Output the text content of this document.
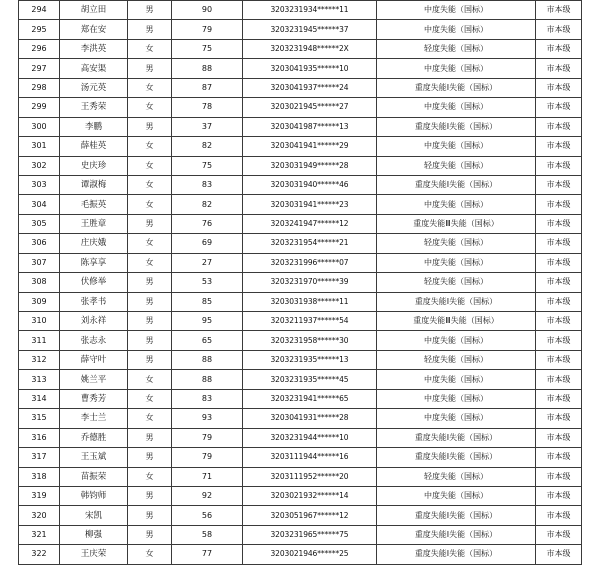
294	胡立田	男	90	3203231934******11	中度失能（国标）	市本级
295	郑在安	男	79	3203231945******37	中度失能（国标）	市本级
296	李洪英	女	75	3203231948******2X	轻度失能（国标）	市本级
297	高安渠	男	88	3203041935******10	中度失能（国标）	市本级
298	汤元英	女	87	3203041937******24	重度失能Ⅰ失能（国标）	市本级
299	王秀荣	女	78	3203021945******27	中度失能（国标）	市本级
300	李鹏	男	37	3203041987******13	重度失能Ⅰ失能（国标）	市本级
301	薛桂英	女	82	3203041941******29	中度失能（国标）	市本级
302	史庆珍	女	75	3203031949******28	轻度失能（国标）	市本级
303	谭淑梅	女	83	3203031940******46	重度失能Ⅰ失能（国标）	市本级
304	毛振英	女	82	3203031941******23	中度失能（国标）	市本级
305	王胜章	男	76	3203241947******12	重度失能Ⅲ失能（国标）	市本级
306	庄庆娥	女	69	3203231954******21	轻度失能（国标）	市本级
307	陈享享	女	27	3203231996******07	中度失能（国标）	市本级
308	伏修举	男	53	3203231970******39	轻度失能（国标）	市本级
309	张孝书	男	85	3203031938******11	重度失能Ⅰ失能（国标）	市本级
310	刘永祥	男	95	3203211937******54	重度失能Ⅲ失能（国标）	市本级
311	张志永	男	65	3203231958******30	中度失能（国标）	市本级
312	薛守叶	男	88	3203231935******13	轻度失能（国标）	市本级
313	姚兰平	女	88	3203231935******45	中度失能（国标）	市本级
314	曹秀芳	女	83	3203231941******65	中度失能（国标）	市本级
315	李士兰	女	93	3203041931******28	中度失能（国标）	市本级
316	乔德胜	男	79	3203231944******10	重度失能Ⅰ失能（国标）	市本级
317	王玉斌	男	79	3203111944******16	重度失能Ⅰ失能（国标）	市本级
318	苗振荣	女	71	3203111952******20	轻度失能（国标）	市本级
319	韩钧师	男	92	3203021932******14	中度失能（国标）	市本级
320	宋凯	男	56	3203051967******12	重度失能Ⅰ失能（国标）	市本级
321	柳强	男	58	3203231965******75	重度失能Ⅰ失能（国标）	市本级
322	王庆荣	女	77	3203021946******25	重度失能Ⅰ失能（国标）	市本级
